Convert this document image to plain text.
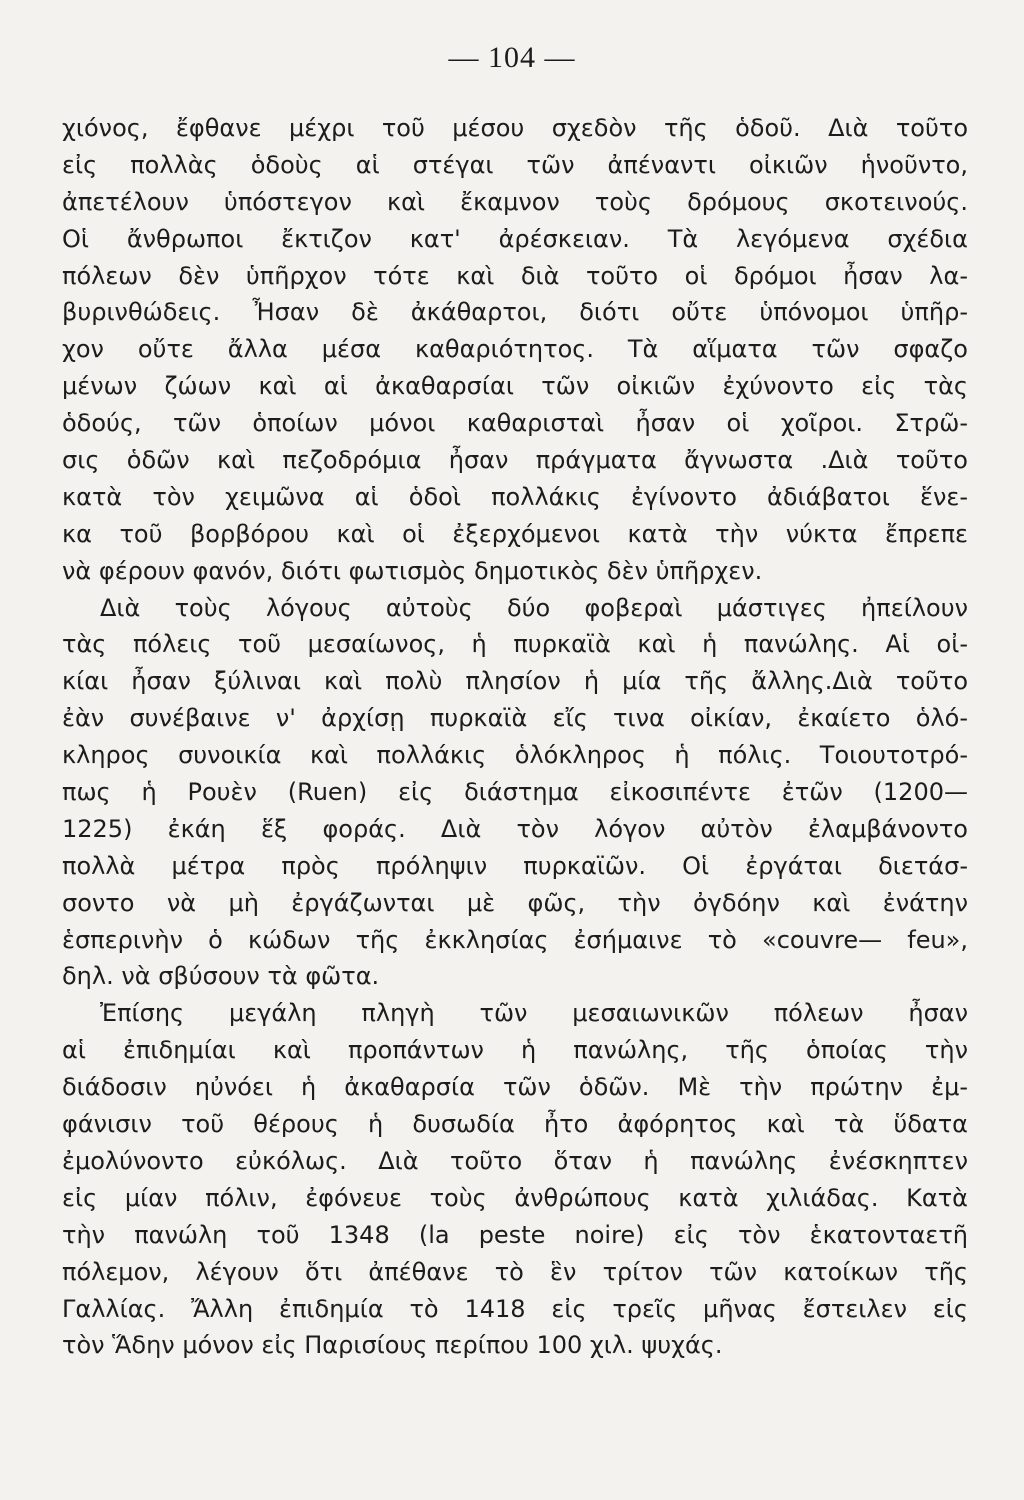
— 104 —
χιόνος, ἔφθανε μέχρι τοῦ μέσου σχεδὸν τῆς ὁδοῦ. Διὰ τοῦτο
εἰς πολλὰς ὁδοὺς αἱ στέγαι τῶν ἀπέναντι οἰκιῶν ἡνοῦντο,
ἀπετέλουν ὑπόστεγον καὶ ἔκαμνον τοὺς δρόμους σκοτεινούς.
Οἱ ἄνθρωποι ἔκτιζον κατ' ἀρέσκειαν. Τὰ λεγόμενα σχέδια
πόλεων δὲν ὑπῆρχον τότε καὶ διὰ τοῦτο οἱ δρόμοι ἦσαν λα-
βυρινθώδεις. Ἦσαν δὲ ἀκάθαρτοι, διότι οὔτε ὑπόνομοι ὑπῆρ-
χον οὔτε ἄλλα μέσα καθαριότητος. Τὰ αἵματα τῶν σφαζο
μένων ζώων καὶ αἱ ἀκαθαρσίαι τῶν οἰκιῶν ἐχύνοντο εἰς τὰς
ὁδούς, τῶν ὁποίων μόνοι καθαρισταὶ ἦσαν οἱ χοῖροι. Στρῶ-
σις ὁδῶν καὶ πεζοδρόμια ἦσαν πράγματα ἄγνωστα .Διὰ τοῦτο
κατὰ τὸν χειμῶνα αἱ ὁδοὶ πολλάκις ἐγίνοντο ἀδιάβατοι ἕνε-
κα τοῦ βορβόρου καὶ οἱ ἐξερχόμενοι κατὰ τὴν νύκτα ἔπρεπε
νὰ φέρουν φανόν, διότι φωτισμὸς δημοτικὸς δὲν ὑπῆρχεν.
Διὰ τοὺς λόγους αὐτοὺς δύο φοβεραὶ μάστιγες ἠπείλουν
τὰς πόλεις τοῦ μεσαίωνος, ἡ πυρκαϊὰ καὶ ἡ πανώλης. Αἱ οἰ-
κίαι ἦσαν ξύλιναι καὶ πολὺ πλησίον ἡ μία τῆς ἄλλης.Διὰ τοῦτο
ἐὰν συνέβαινε ν' ἀρχίσῃ πυρκαϊὰ εἴς τινα οἰκίαν, ἐκαίετο ὁλό-
κληρος συνοικία καὶ πολλάκις ὁλόκληρος ἡ πόλις. Τοιουτοτρό-
πως ἡ Ρουὲν (Ruen) εἰς διάστημα εἰκοσιπέντε ἐτῶν (1200—
1225) ἐκάη ἕξ φοράς. Διὰ τὸν λόγον αὐτὸν ἐλαμβάνοντο
πολλὰ μέτρα πρὸς πρόληψιν πυρκαϊῶν. Οἱ ἐργάται διετάσ-
σοντο νὰ μὴ ἐργάζωνται μὲ φῶς, τὴν ὀγδόην καὶ ἐνάτην
ἑσπερινὴν ὁ κώδων τῆς ἐκκλησίας ἐσήμαινε τὸ «couvre— feu»,
δηλ. νὰ σβύσουν τὰ φῶτα.
Ἐπίσης μεγάλη πληγὴ τῶν μεσαιωνικῶν πόλεων ἦσαν
αἱ ἐπιδημίαι καὶ προπάντων ἡ πανώλης, τῆς ὁποίας τὴν
διάδοσιν ηὐνόει ἡ ἀκαθαρσία τῶν ὁδῶν. Μὲ τὴν πρώτην ἐμ-
φάνισιν τοῦ θέρους ἡ δυσωδία ἦτο ἀφόρητος καὶ τὰ ὕδατα
ἐμολύνοντο εὐκόλως. Διὰ τοῦτο ὅταν ἡ πανώλης ἐνέσκηπτεν
εἰς μίαν πόλιν, ἐφόνευε τοὺς ἀνθρώπους κατὰ χιλιάδας. Κατὰ
τὴν πανώλη τοῦ 1348 (la peste noire) εἰς τὸν ἑκατονταετῆ
πόλεμον, λέγουν ὅτι ἀπέθανε τὸ ἓν τρίτον τῶν κατοίκων τῆς
Γαλλίας. Ἄλλη ἐπιδημία τὸ 1418 εἰς τρεῖς μῆνας ἔστειλεν εἰς
τὸν Ἅδην μόνον εἰς Παρισίους περίπου 100 χιλ. ψυχάς.
